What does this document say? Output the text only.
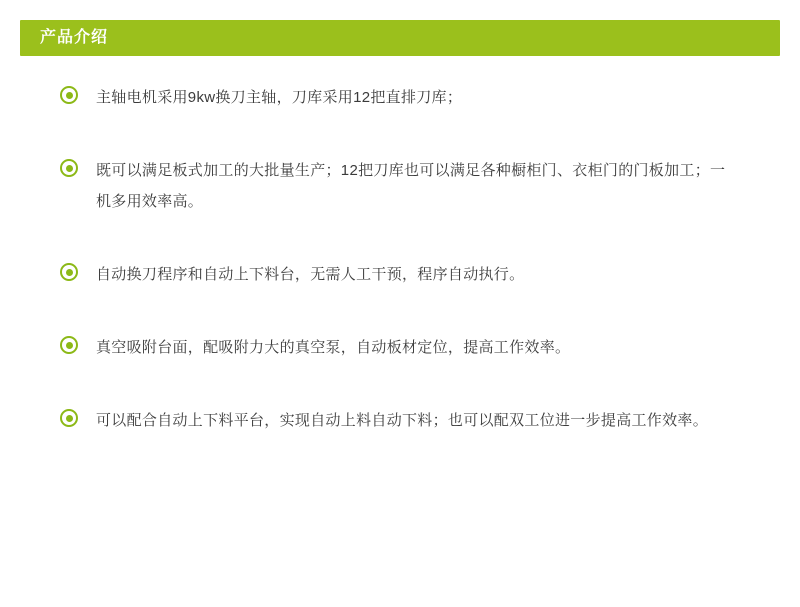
产品介绍
主轴电机采用9kw换刀主轴，刀库采用12把直排刀库；
既可以满足板式加工的大批量生产；12把刀库也可以满足各种橱柜门、衣柜门的门板加工；一机多用效率高。
自动换刀程序和自动上下料台，无需人工干预，程序自动执行。
真空吸附台面，配吸附力大的真空泵，自动板材定位，提高工作效率。
可以配合自动上下料平台，实现自动上料自动下料；也可以配双工位进一步提高工作效率。
